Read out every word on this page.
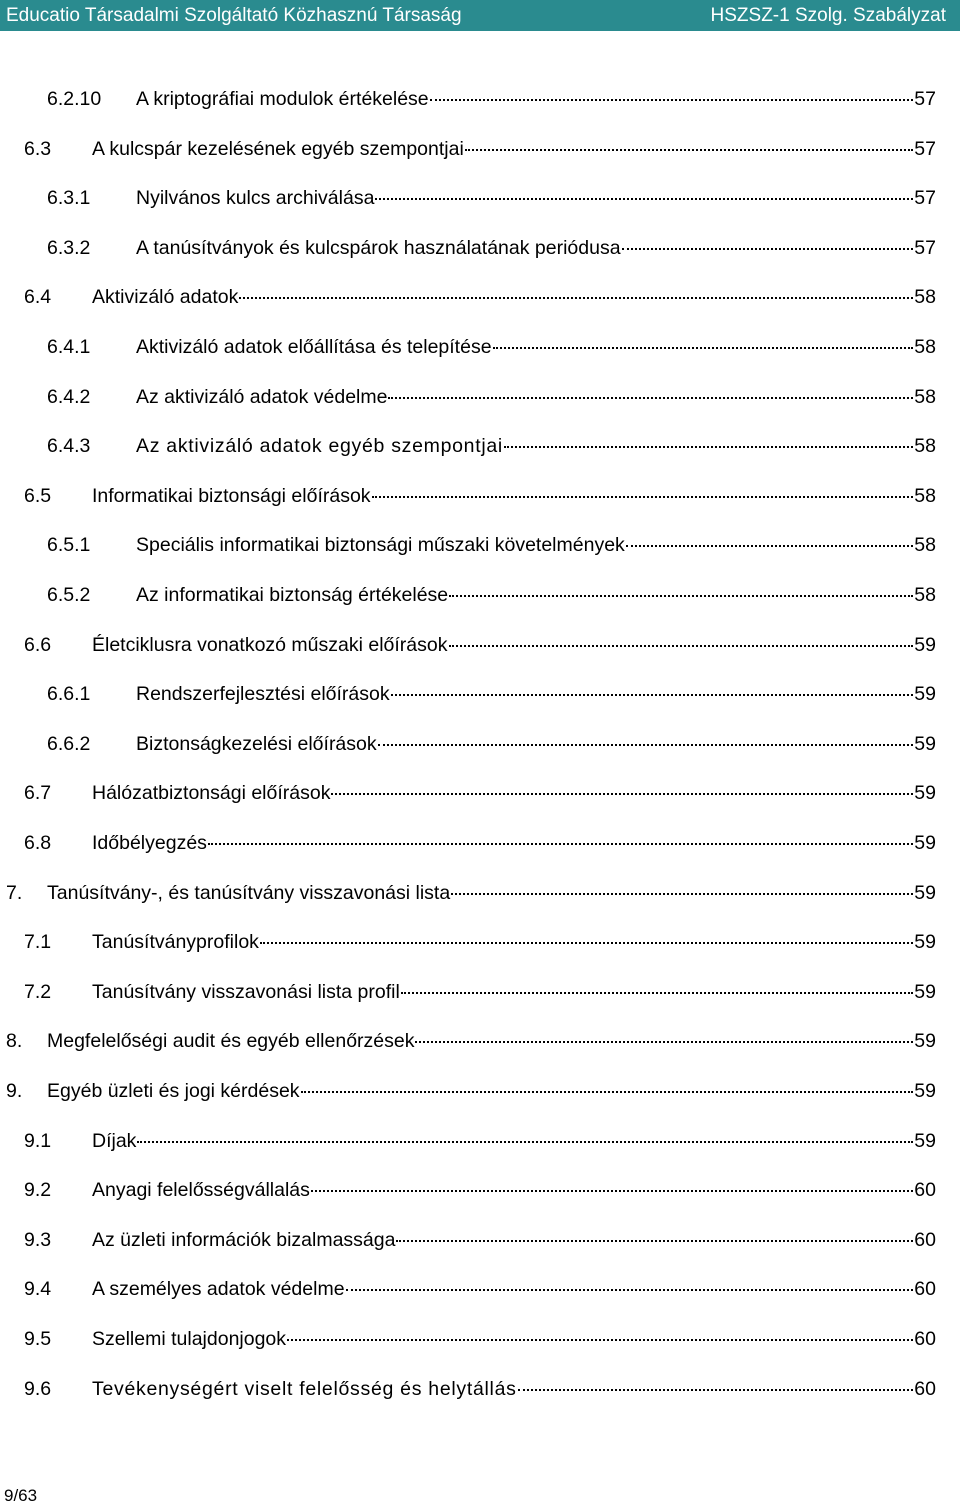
Educatio Társadalmi Szolgáltató Közhasznú Társaság	HSZSZ-1 Szolg. Szabályzat
6.2.10	A kriptográfiai modulok értékelése	57
6.3	A kulcspár kezelésének egyéb szempontjai	57
6.3.1	Nyilvános kulcs archiválása	57
6.3.2	A tanúsítványok és kulcspárok használatának periódusa	57
6.4	Aktivizáló adatok	58
6.4.1	Aktivizáló adatok előállítása és telepítése	58
6.4.2	Az aktivizáló adatok védelme	58
6.4.3	Az aktivizáló adatok egyéb szempontjai	58
6.5	Informatikai biztonsági előírások	58
6.5.1	Speciális informatikai biztonsági műszaki követelmények	58
6.5.2	Az informatikai biztonság értékelése	58
6.6	Életciklusra vonatkozó műszaki előírások	59
6.6.1	Rendszerfejlesztési előírások	59
6.6.2	Biztonságkezelési előírások	59
6.7	Hálózatbiztonsági előírások	59
6.8	Időbélyegzés	59
7.	Tanúsítvány-, és tanúsítvány visszavonási lista	59
7.1	Tanúsítványprofilok	59
7.2	Tanúsítvány visszavonási lista profil	59
8.	Megfelelőségi audit és egyéb ellenőrzések	59
9.	Egyéb üzleti és jogi kérdések	59
9.1	Díjak	59
9.2	Anyagi felelősségvállalás	60
9.3	Az üzleti információk bizalmassága	60
9.4	A személyes adatok védelme	60
9.5	Szellemi tulajdonjogok	60
9.6	Tevékenységért viselt felelősség és helytállás	60
9/63
